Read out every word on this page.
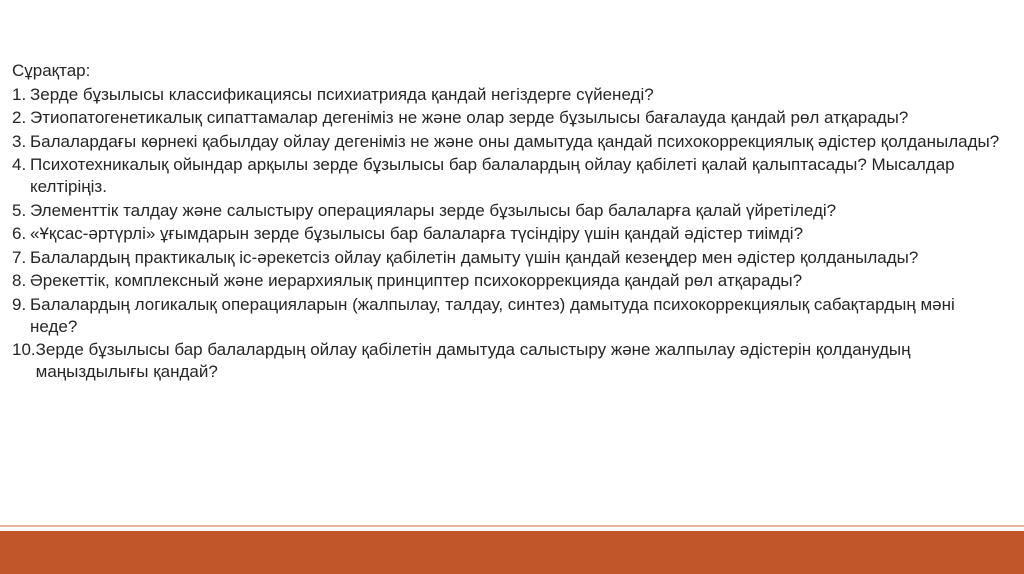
Сұрақтар:
1. Зерде бұзылысы классификациясы психиатрияда қандай негіздерге сүйенеді?
2. Этиопатогенетикалық сипаттамалар дегеніміз не және олар зерде бұзылысы бағалауда қандай рөл атқарады?
3. Балалардағы көрнекі қабылдау ойлау дегеніміз не және оны дамытуда қандай психокоррекциялық әдістер қолданылады?
4. Психотехникалық ойындар арқылы зерде бұзылысы бар балалардың ойлау қабілеті қалай қалыптасады? Мысалдар келтіріңіз.
5. Элементтік талдау және салыстыру операциялары зерде бұзылысы бар балаларға қалай үйретіледі?
6. «Ұқсас-әртүрлі» ұғымдарын зерде бұзылысы бар балаларға түсіндіру үшін қандай әдістер тиімді?
7. Балалардың практикалық іс-әрекетсіз ойлау қабілетін дамыту үшін қандай кезеңдер мен әдістер қолданылады?
8. Әрекеттік, комплексный және иерархиялық принциптер психокоррекцияда қандай рөл атқарады?
9. Балалардың логикалық операцияларын (жалпылау, талдау, синтез) дамытуда психокоррекциялық сабақтардың мәні неде?
10. Зерде бұзылысы бар балалардың ойлау қабілетін дамытуда салыстыру және жалпылау әдістерін қолданудың маңыздылығы қандай?
